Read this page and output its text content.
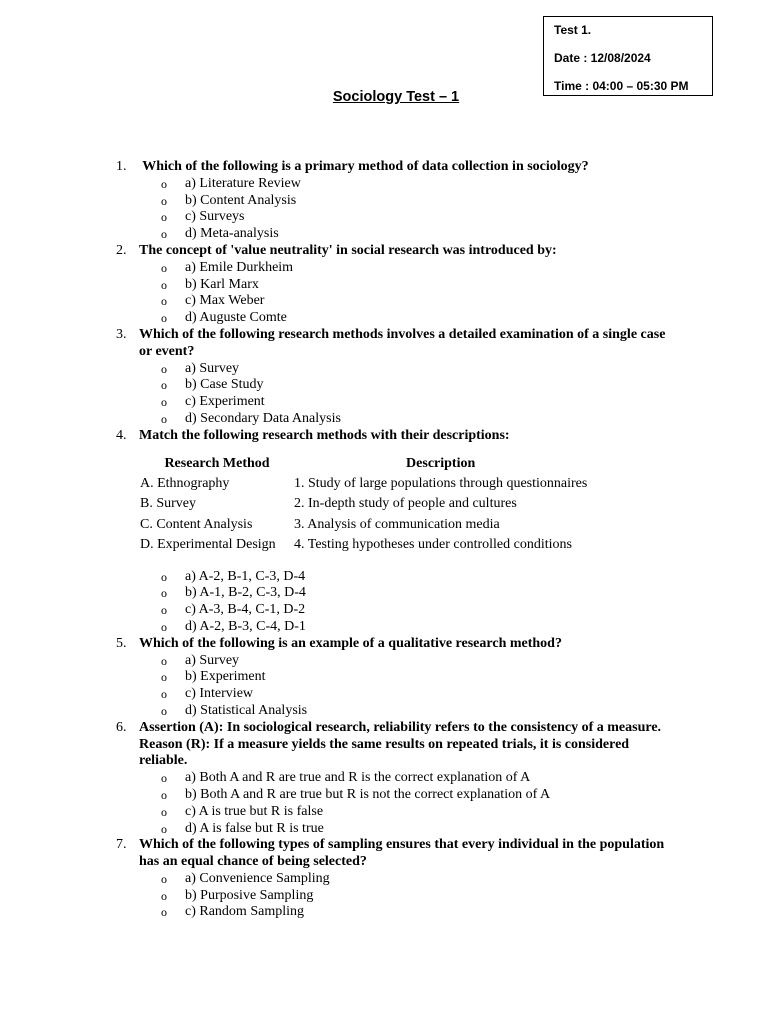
Test 1.
Date : 12/08/2024
Time : 04:00 – 05:30 PM
Sociology Test – 1
1. Which of the following is a primary method of data collection in sociology?
o a) Literature Review
o b) Content Analysis
o c) Surveys
o d) Meta-analysis
2. The concept of 'value neutrality' in social research was introduced by:
o a) Emile Durkheim
o b) Karl Marx
o c) Max Weber
o d) Auguste Comte
3. Which of the following research methods involves a detailed examination of a single case or event?
o a) Survey
o b) Case Study
o c) Experiment
o d) Secondary Data Analysis
4. Match the following research methods with their descriptions:
Research Method	Description
A. Ethnography	1. Study of large populations through questionnaires
B. Survey	2. In-depth study of people and cultures
C. Content Analysis	3. Analysis of communication media
D. Experimental Design	4. Testing hypotheses under controlled conditions
o a) A-2, B-1, C-3, D-4
o b) A-1, B-2, C-3, D-4
o c) A-3, B-4, C-1, D-2
o d) A-2, B-3, C-4, D-1
5. Which of the following is an example of a qualitative research method?
o a) Survey
o b) Experiment
o c) Interview
o d) Statistical Analysis
6. Assertion (A): In sociological research, reliability refers to the consistency of a measure. Reason (R): If a measure yields the same results on repeated trials, it is considered reliable.
o a) Both A and R are true and R is the correct explanation of A
o b) Both A and R are true but R is not the correct explanation of A
o c) A is true but R is false
o d) A is false but R is true
7. Which of the following types of sampling ensures that every individual in the population has an equal chance of being selected?
o a) Convenience Sampling
o b) Purposive Sampling
o c) Random Sampling
